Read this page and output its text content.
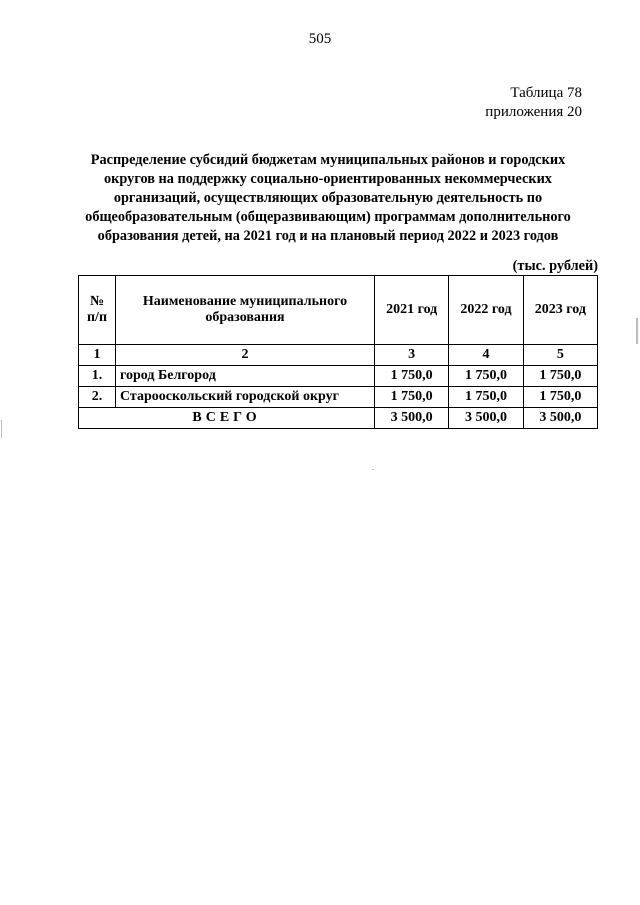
505
Таблица 78
приложения 20
Распределение субсидий бюджетам муниципальных районов и городских
округов на поддержку социально-ориентированных некоммерческих
организаций, осуществляющих образовательную деятельность по
общеобразовательным (общеразвивающим) программам дополнительного
образования детей, на 2021 год и на плановый период 2022 и 2023 годов
(тыс. рублей)
№ п/п	Наименование муниципального образования	2021 год	2022 год	2023 год
1	2	3	4	5
1.	город Белгород	1 750,0	1 750,0	1 750,0
2.	Старооскольский городской округ	1 750,0	1 750,0	1 750,0
ВСЕГО		3 500,0	3 500,0	3 500,0
